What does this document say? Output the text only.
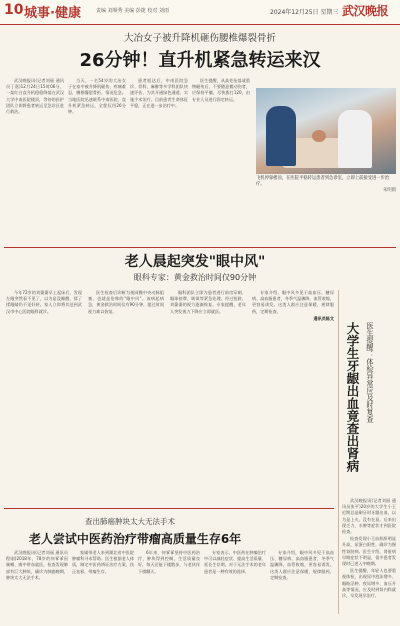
10 城事·健康	责编 刘频秀 美编 彭捷 校对 刘雨	2024年12月25日 星期三 武汉晚报
大冶女子被升降机砸伤腰椎爆裂骨折
26分钟！直升机紧急转运来汉

武汉晚报讯(记者刘丽 通讯员丁嘉)12月24日15时06分，一架红白直升机稳稳降落在武汉大学中南医院楼顶，等待的医护团队立即将患者转运至急诊区进行救治。

当天，一名54岁的大冶女子在家中被升降机砸伤，疼痛难忍，腰椎爆裂骨折，情况危急。当地医院迅速联系中南医院，直升机紧急转运，全程仅用26分钟。

患者抵达后，中南医院急诊、骨科、麻醉等多学科团队快速评估，为其开通绿色通道，实施手术治疗。目前患者生命体征平稳，正在进一步治疗中。

医生提醒，从高处坠落或重物砸伤后，不要随意搬动伤者，应保持平躺，尽快拨打120，由专业人员进行固定转运。

飞机停靠楼顶，在医院平稳转运患者到急诊室，立即上前接受进一步治疗。
朱明摄
老人晨起突发"眼中风"
眼科专家：黄金救治时间仅90分钟

今年72岁的刘婆婆早上起床后，发现左眼突然看不见了，以为是没睡醒，揉了揉眼睛仍不见好转。家人立即将其送到武汉市中心医院眼科就诊。

医生检查后诊断为视网膜中央动脉阻塞，也就是俗称的"眼中风"。该病起病急，黄金救治时间仅有90分钟，超过时间视力难以恢复。

眼科团队立即为患者进行前房穿刺、眼球按摩、吸氧等紧急处理。经过抢救，刘婆婆的视力逐渐恢复。专家提醒，老年人突发视力下降应立即就医。

专家介绍，眼中风多见于高血压、糖尿病、高血脂患者，冬季气温骤降，血管收缩，更容易诱发。这类人群应注意保暖，规律服药，定期检查。

通讯员陈文

大学生牙龈出血竟查出肾病 医生提醒：体检异常应及时复查

武汉晚报讯(记者刘丽 通讯员张平)20岁的大学生小王近期总是刷牙时牙龈出血，以为是上火，没有在意。后来出现乏力、水肿等症状才到医院检查。

检查发现小王血肌酐明显升高，尿蛋白阳性，确诊为慢性肾脏病。医生介绍，肾脏病早期症状不明显，很多患者发现时已进入中晚期。

医生提醒，年轻人也要重视体检，出现尿中泡沫增多、眼睑浮肿、夜尿增多、血压升高等情况，应及时到肾内科就诊，早发现早治疗。

查出肺癌肿块太大无法手术
老人尝试中医药治疗带瘤高质量生存6年

武汉晚报讯(记者刘丽 通讯员程刚)2018年，78岁的何爹爹因咳嗽、痰中带血就医，检查发现肺部有巨大肿块，确诊为肺癌晚期，肿块太大无法手术。

家属带老人来到湖北省中医院肿瘤科寻求帮助。医生根据老人体质，制定中医药辨证治疗方案，扶正祛邪，带瘤生存。

6年来，何爹爹坚持中医药治疗，肿块得到控制，生活质量良好，每天还能下楼散步，与老伙伴下棋聊天。

专家表示，中医药在肿瘤治疗中可以减轻症状、提高生活质量、延长生存期，对于无法手术的老年患者是一种有效的选择。

专家介绍，眼中风多见于高血压、糖尿病、高血脂患者，冬季气温骤降，血管收缩，更容易诱发。这类人群应注意保暖，规律服药，定期检查。
